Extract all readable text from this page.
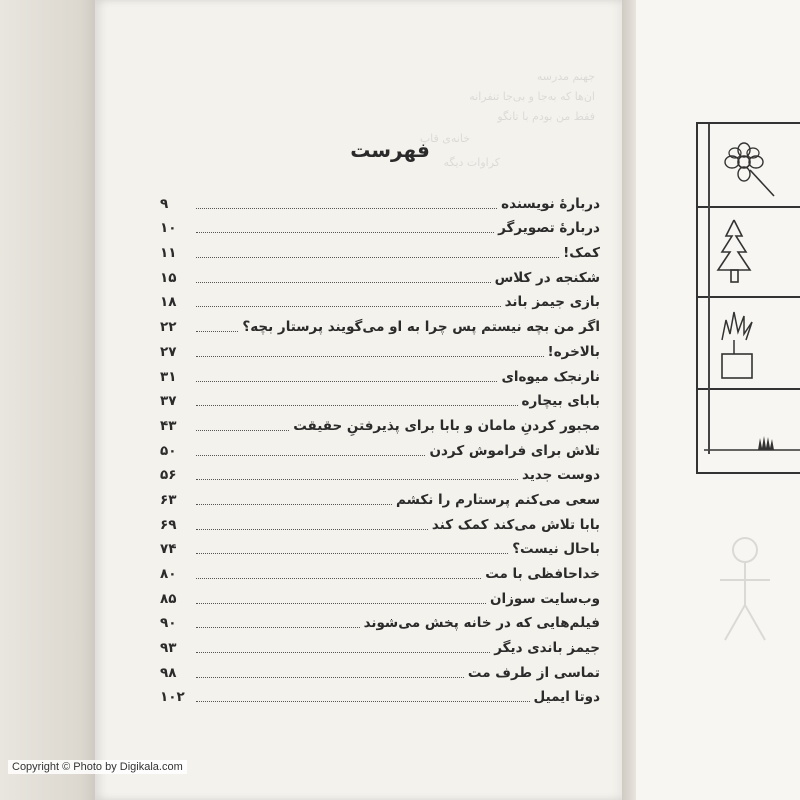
جهنم مدرسه
ان‌ها که به‌جا و بی‌جا تنفرانه
فقط من بودم با تانگو
خانه‌ی قاپ
کراوات دیگه
فهرست
دربارهٔ نویسنده
۹
دربارهٔ تصویرگر
۱۰
کمک!
۱۱
شکنجه در کلاس
۱۵
بازی جیمز باند
۱۸
اگر من بچه نیستم پس چرا به او می‌گویند پرستار بچه؟
۲۲
بالاخره!
۲۷
نارنجک میوه‌ای
۳۱
بابای بیچاره
۳۷
مجبور کردنِ مامان و بابا برای پذیرفتنِ حقیقت
۴۳
تلاش برای فراموش کردن
۵۰
دوست جدید
۵۶
سعی می‌کنم پرستارم را نکشم
۶۳
بابا تلاش می‌کند کمک کند
۶۹
باحال نیست؟
۷۴
خداحافظی با مت
۸۰
وب‌سایت سوزان
۸۵
فیلم‌هایی که در خانه پخش می‌شوند
۹۰
جیمز باندی دیگر
۹۳
تماسی از طرف مت
۹۸
دوتا ایمیل
۱۰۲
Copyright © Photo by Digikala.com
